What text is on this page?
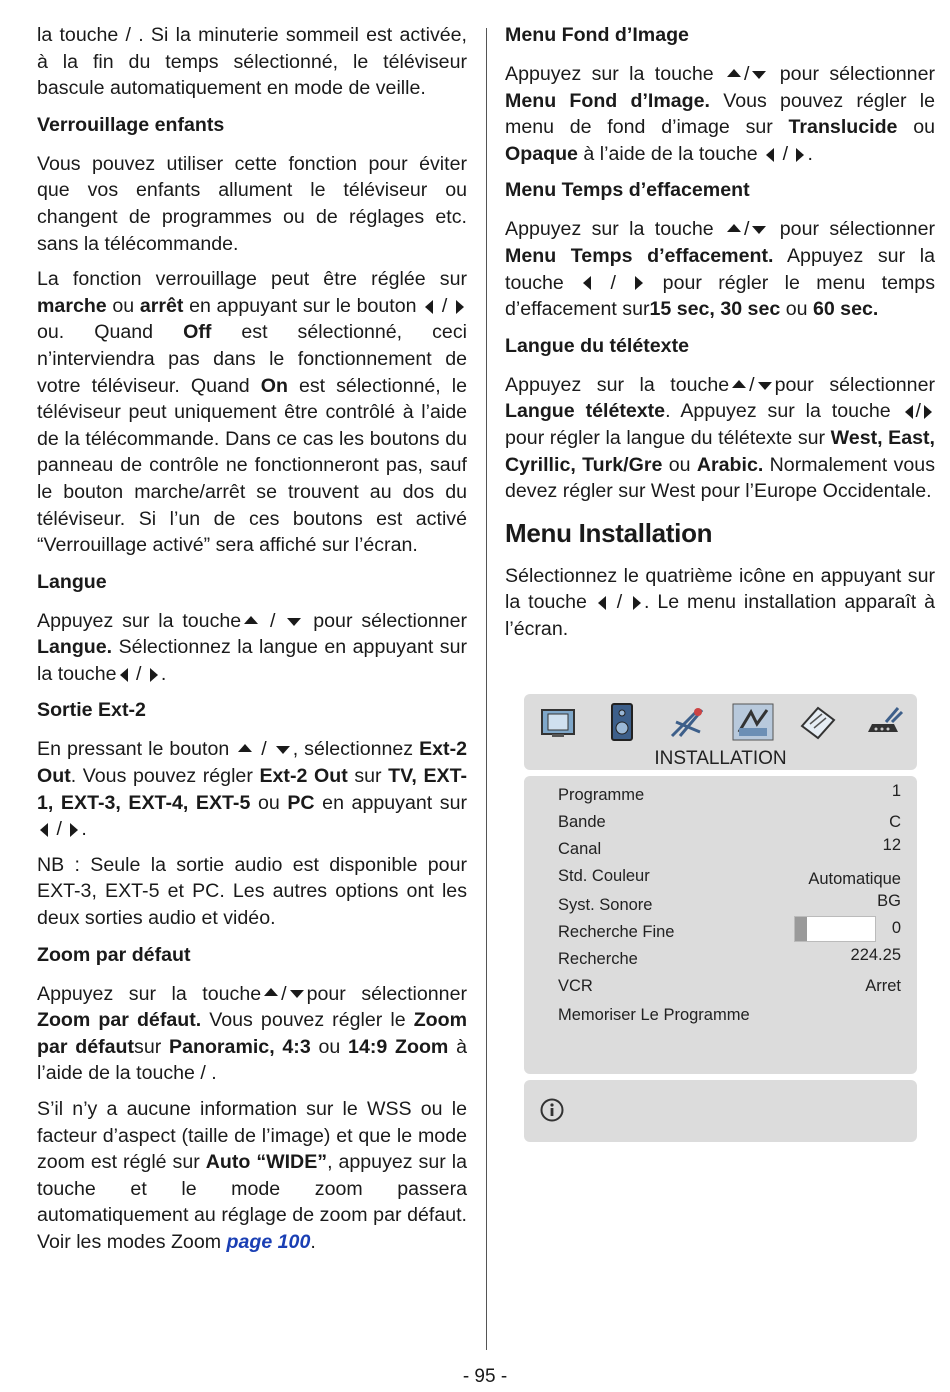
la touche / . Si la minuterie sommeil est activée, à la fin du temps sélectionné, le téléviseur bascule automatiquement en mode de veille.

Verrouillage enfants

Vous pouvez utiliser cette fonction pour éviter que vos enfants allument le téléviseur ou changent de programmes ou de réglages etc. sans la télécommande.

La fonction verrouillage peut être réglée sur marche ou arrêt en appuyant sur le bouton  / ou. Quand Off est sélectionné, ceci n’interviendra pas dans le fonctionnement de votre téléviseur. Quand On est sélectionné, le téléviseur peut uniquement être contrôlé à l’aide de la télécommande. Dans ce cas les boutons du panneau de contrôle ne fonctionneront pas, sauf le bouton marche/arrêt se trouvent au dos du téléviseur. Si l’un de ces boutons est activé “Verrouillage activé” sera affiché sur l’écran.

Langue

Appuyez sur la touche /  pour sélectionner Langue. Sélectionnez la langue en appuyant sur la touche / .

Sortie Ext-2

En pressant le bouton  / , sélectionnez Ext-2 Out. Vous pouvez régler Ext-2 Out sur TV, EXT-1, EXT-3, EXT-4, EXT-5 ou PC en appuyant sur  / .

NB : Seule la sortie audio est disponible pour EXT-3, EXT-5 et PC. Les autres options ont les deux sorties audio et vidéo.

Zoom par défaut

Appuyez sur la touche / pour sélectionner Zoom par défaut. Vous pouvez régler le Zoom par défautsur Panoramic, 4:3 ou 14:9 Zoom à l’aide de la touche / .

S’il n’y a aucune information sur le WSS ou le facteur d’aspect (taille de l’image) et que le mode zoom est réglé sur Auto “WIDE”, appuyez sur la touche et le mode zoom passera automatiquement au réglage de zoom par défaut. Voir les modes Zoom page 100.

Menu Fond d’Image

Appuyez sur la touche / pour sélectionner Menu Fond d’Image. Vous pouvez régler le menu de fond d’image sur Translucide ou Opaque à l’aide de la touche  / .

Menu Temps d’effacement

Appuyez sur la touche / pour sélectionner Menu Temps d’effacement. Appuyez sur la touche  /  pour régler le menu temps d’effacement sur15 sec, 30 sec ou 60 sec.

Langue du télétexte

Appuyez sur la touche / pour sélectionner Langue télétexte. Appuyez sur la touche / pour régler la langue du télétexte sur West, East, Cyrillic, Turk/Gre ou Arabic. Normalement vous devez régler sur West pour l’Europe Occidentale.

Menu Installation

Sélectionnez le quatrième icône en appuyant sur la touche  / . Le menu installation apparaît à l’écran.

INSTALLATION
Programme	1
Bande	C
Canal	12
Std. Couleur	Automatique
Syst. Sonore	BG
Recherche Fine	0
Recherche	224.25
VCR	Arret
Memoriser Le Programme
- 95 -
